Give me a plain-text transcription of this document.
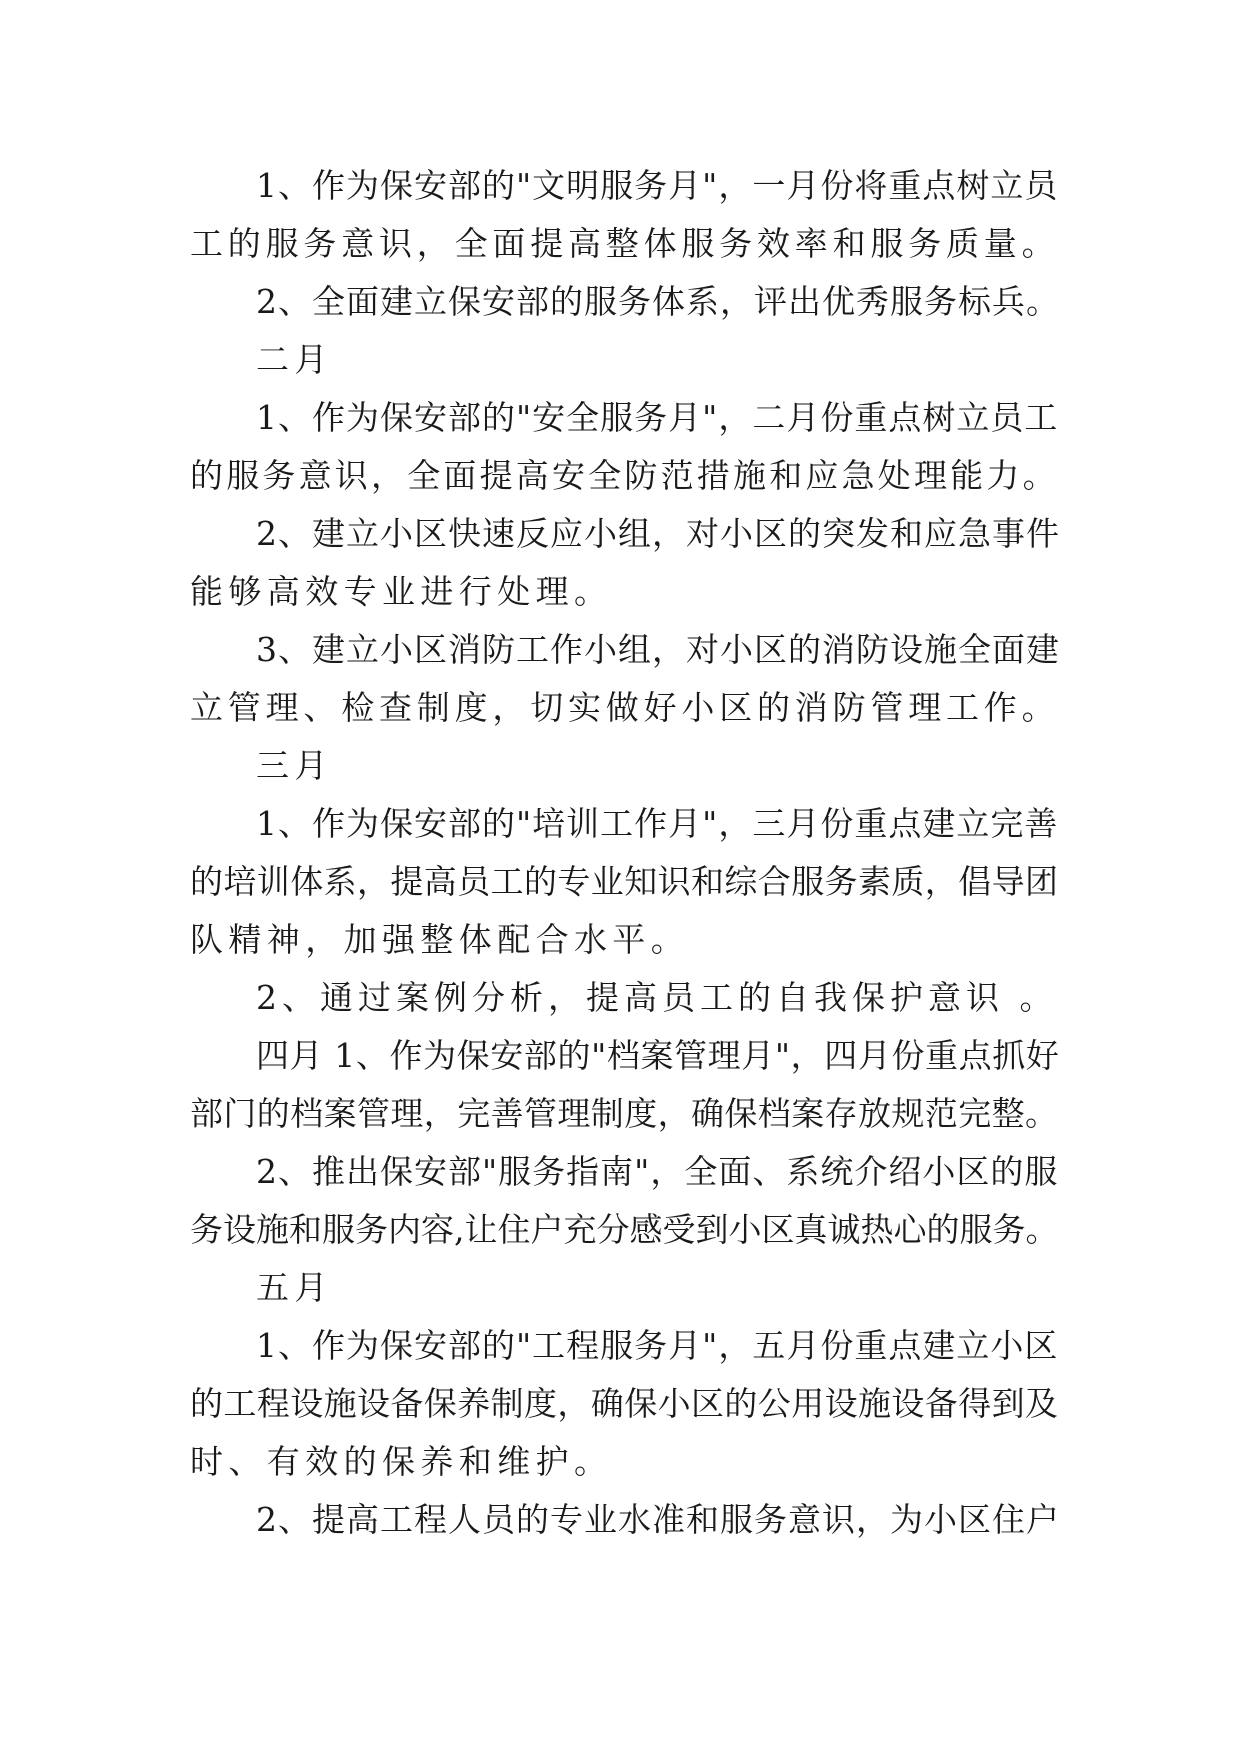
1、作为保安部的"文明服务月"，一月份将重点树立员
工的服务意识，全面提高整体服务效率和服务质量。
2、全面建立保安部的服务体系，评出优秀服务标兵。
二月
1、作为保安部的"安全服务月"，二月份重点树立员工
的服务意识，全面提高安全防范措施和应急处理能力。
2、建立小区快速反应小组，对小区的突发和应急事件
能够高效专业进行处理。
3、建立小区消防工作小组，对小区的消防设施全面建
立管理、检查制度，切实做好小区的消防管理工作。
三月
1、作为保安部的"培训工作月"，三月份重点建立完善
的培训体系，提高员工的专业知识和综合服务素质，倡导团
队精神，加强整体配合水平。
2、通过案例分析，提高员工的自我保护意识 。
四月 1、作为保安部的"档案管理月"，四月份重点抓好
部门的档案管理，完善管理制度，确保档案存放规范完整。
2、推出保安部"服务指南"，全面、系统介绍小区的服
务设施和服务内容,让住户充分感受到小区真诚热心的服务。
五月
1、作为保安部的"工程服务月"，五月份重点建立小区
的工程设施设备保养制度，确保小区的公用设施设备得到及
时、有效的保养和维护。
2、提高工程人员的专业水准和服务意识，为小区住户
